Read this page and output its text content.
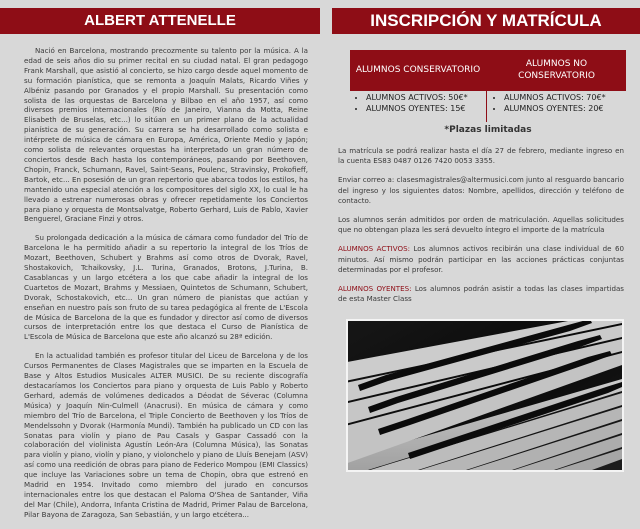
ALBERT ATTENELLE	INSCRIPCIÓN Y MATRÍCULA

Nació en Barcelona, mostrando precozmente su talento por la música. A la edad de seis años dio su primer recital en su ciudad natal. El gran pedagogo Frank Marshall, que asistió al concierto, se hizo cargo desde aquel momento de su formación pianística, que se remonta a Joaquín Malats, Ricardo Viñes y Albéniz pasando por Granados y el propio Marshall. Su presentación como solista de las orquestas de Barcelona y Bilbao en el año 1957, así como diversos premios internacionales (Río de Janeiro, Vianna da Motta, Reine Elisabeth de Bruselas, etc...) lo sitúan en un primer plano de la actualidad pianística de su generación. Su carrera se ha desarrollado como solista e intérprete de música de cámara en Europa, América, Oriente Medio y Japón; como solista de relevantes orquestas ha interpretado un gran número de conciertos desde Bach hasta los contemporáneos, pasando por Beethoven, Chopin, Franck, Schumann, Ravel, Saint-Seans, Poulenc, Stravinsky, Prokofieff, Bartok, etc... En posesión de un gran repertorio que abarca todos los estilos, ha mantenido una especial atención a los compositores del siglo XX, lo cual le ha llevado a estrenar numerosas obras y ofrecer repetidamente los Conciertos para piano y orquesta de Montsalvatge, Roberto Gerhard, Luis de Pablo, Xavier Benguerel, Graciane Finzi y otros.

Su prolongada dedicación a la música de cámara como fundador del Trío de Barcelona le ha permitido añadir a su repertorio la integral de los Tríos de Mozart, Beethoven, Schubert y Brahms así como otros de Dvorak, Ravel, Shostakovich, Tchaikovsky, J.L. Turina, Granados, Brotons, J.Turina, B. Casablancas y un largo etcétera a los que cabe añadir la integral de los Cuartetos de Mozart, Brahms y Messiaen, Quintetos de Schumann, Schubert, Dvorak, Schostakovich, etc... Un gran número de pianistas que actúan y enseñan en nuestro país son fruto de su tarea pedagógica al frente de L'Escola de Música de Barcelona de la que es fundador y director así como de diversos cursos de interpretación entre los que destaca el Curso de Pianística de L'Escola de Música de Barcelona que este año alcanzó su 28ª edición.

En la actualidad también es profesor titular del Liceu de Barcelona y de los Cursos Permanentes de Clases Magistrales que se imparten en la Escuela de Base y Altos Estudios Musicales ALTER MUSICI. De su reciente discografía destacaríamos los Conciertos para piano y orquesta de Luis Pablo y Roberto Gerhard, además de volúmenes dedicados a Déodat de Séverac (Columna Música) y Joaquín Nin-Culmell (Anacrusi). En música de cámara y como miembro del Trío de Barcelona, el Triple Concierto de Beethoven y los Tríos de Mendelssohn y Dvorak (Harmonía Mundi). También ha publicado un CD con las Sonatas para violín y piano de Pau Casals y Gaspar Cassadó con la colaboración del violinista Agustín León-Ara (Columna Música), las Sonatas para violín y piano, violín y piano, y violonchelo y piano de Lluís Benejam (ASV) así como una reedición de obras para piano de Federico Mompou (EMI Classics) que incluye las Variaciones sobre un tema de Chopin, obra que estrenó en Madrid en 1954. Invitado como miembro del jurado en concursos internacionales entre los que destacan el Paloma O'Shea de Santander, Viña del Mar (Chile), Andorra, Infanta Cristina de Madrid, Primer Palau de Barcelona, Pilar Bayona de Zaragoza, San Sebastián, y un largo etcétera...

ALUMNOS CONSERVATORIO
ALUMNOS NO CONSERVATORIO
• ALUMNOS ACTIVOS: 50€*
• ALUMNOS OYENTES: 15€
• ALUMNOS ACTIVOS: 70€*
• ALUMNOS OYENTES: 20€
*Plazas limitadas

La matrícula se podrá realizar hasta el día 27 de febrero, mediante ingreso en la cuenta ES83 0487 0126 7420 0053 3355.

Enviar correo a: clasesmagistrales@altermusici.com junto al resguardo bancario del ingreso y los siguientes datos: Nombre, apellidos, dirección y teléfono de contacto.

Los alumnos serán admitidos por orden de matriculación. Aquellas solicitudes que no obtengan plaza les será devuelto íntegro el importe de la matrícula

ALUMNOS ACTIVOS: Los alumnos activos recibirán una clase individual de 60 minutos. Así mismo podrán participar en las acciones prácticas conjuntas determinadas por el profesor.

ALUMNOS OYENTES: Los alumnos podrán asistir a todas las clases impartidas de esta Master Class
